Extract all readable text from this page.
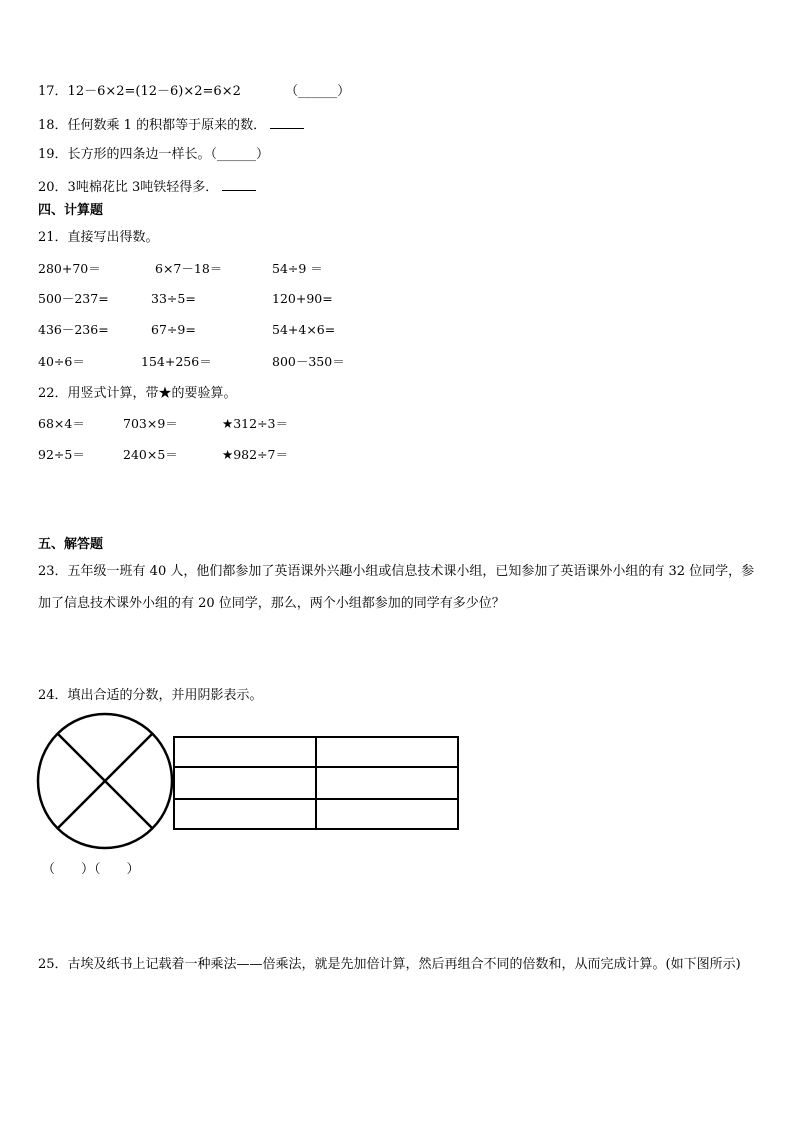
17．12－6×2=(12－6)×2=6×2	（______）
18．任何数乘 1 的积都等于原来的数．
19．长方形的四条边一样长。（______）
20．3吨棉花比 3吨铁轻得多．
四、计算题
21．直接写出得数。
280+70＝	6×7－18＝	54÷9 ＝
500－237=	33÷5=	120+90=
436－236=	67÷9=	54+4×6=
40÷6＝	154+256＝	800－350＝
22．用竖式计算，带★的要验算。
68×4＝	703×9＝	★312÷3＝
92÷5＝	240×5＝	★982÷7＝
五、解答题
23．五年级一班有 40 人，他们都参加了英语课外兴趣小组或信息技术课小组，已知参加了英语课外小组的有 32 位同学，参加了信息技术课外小组的有 20 位同学，那么，两个小组都参加的同学有多少位？
24．填出合适的分数，并用阴影表示。
（　　）（　　）
25．古埃及纸书上记载着一种乘法——倍乘法，就是先加倍计算，然后再组合不同的倍数和，从而完成计算。(如下图所示)
